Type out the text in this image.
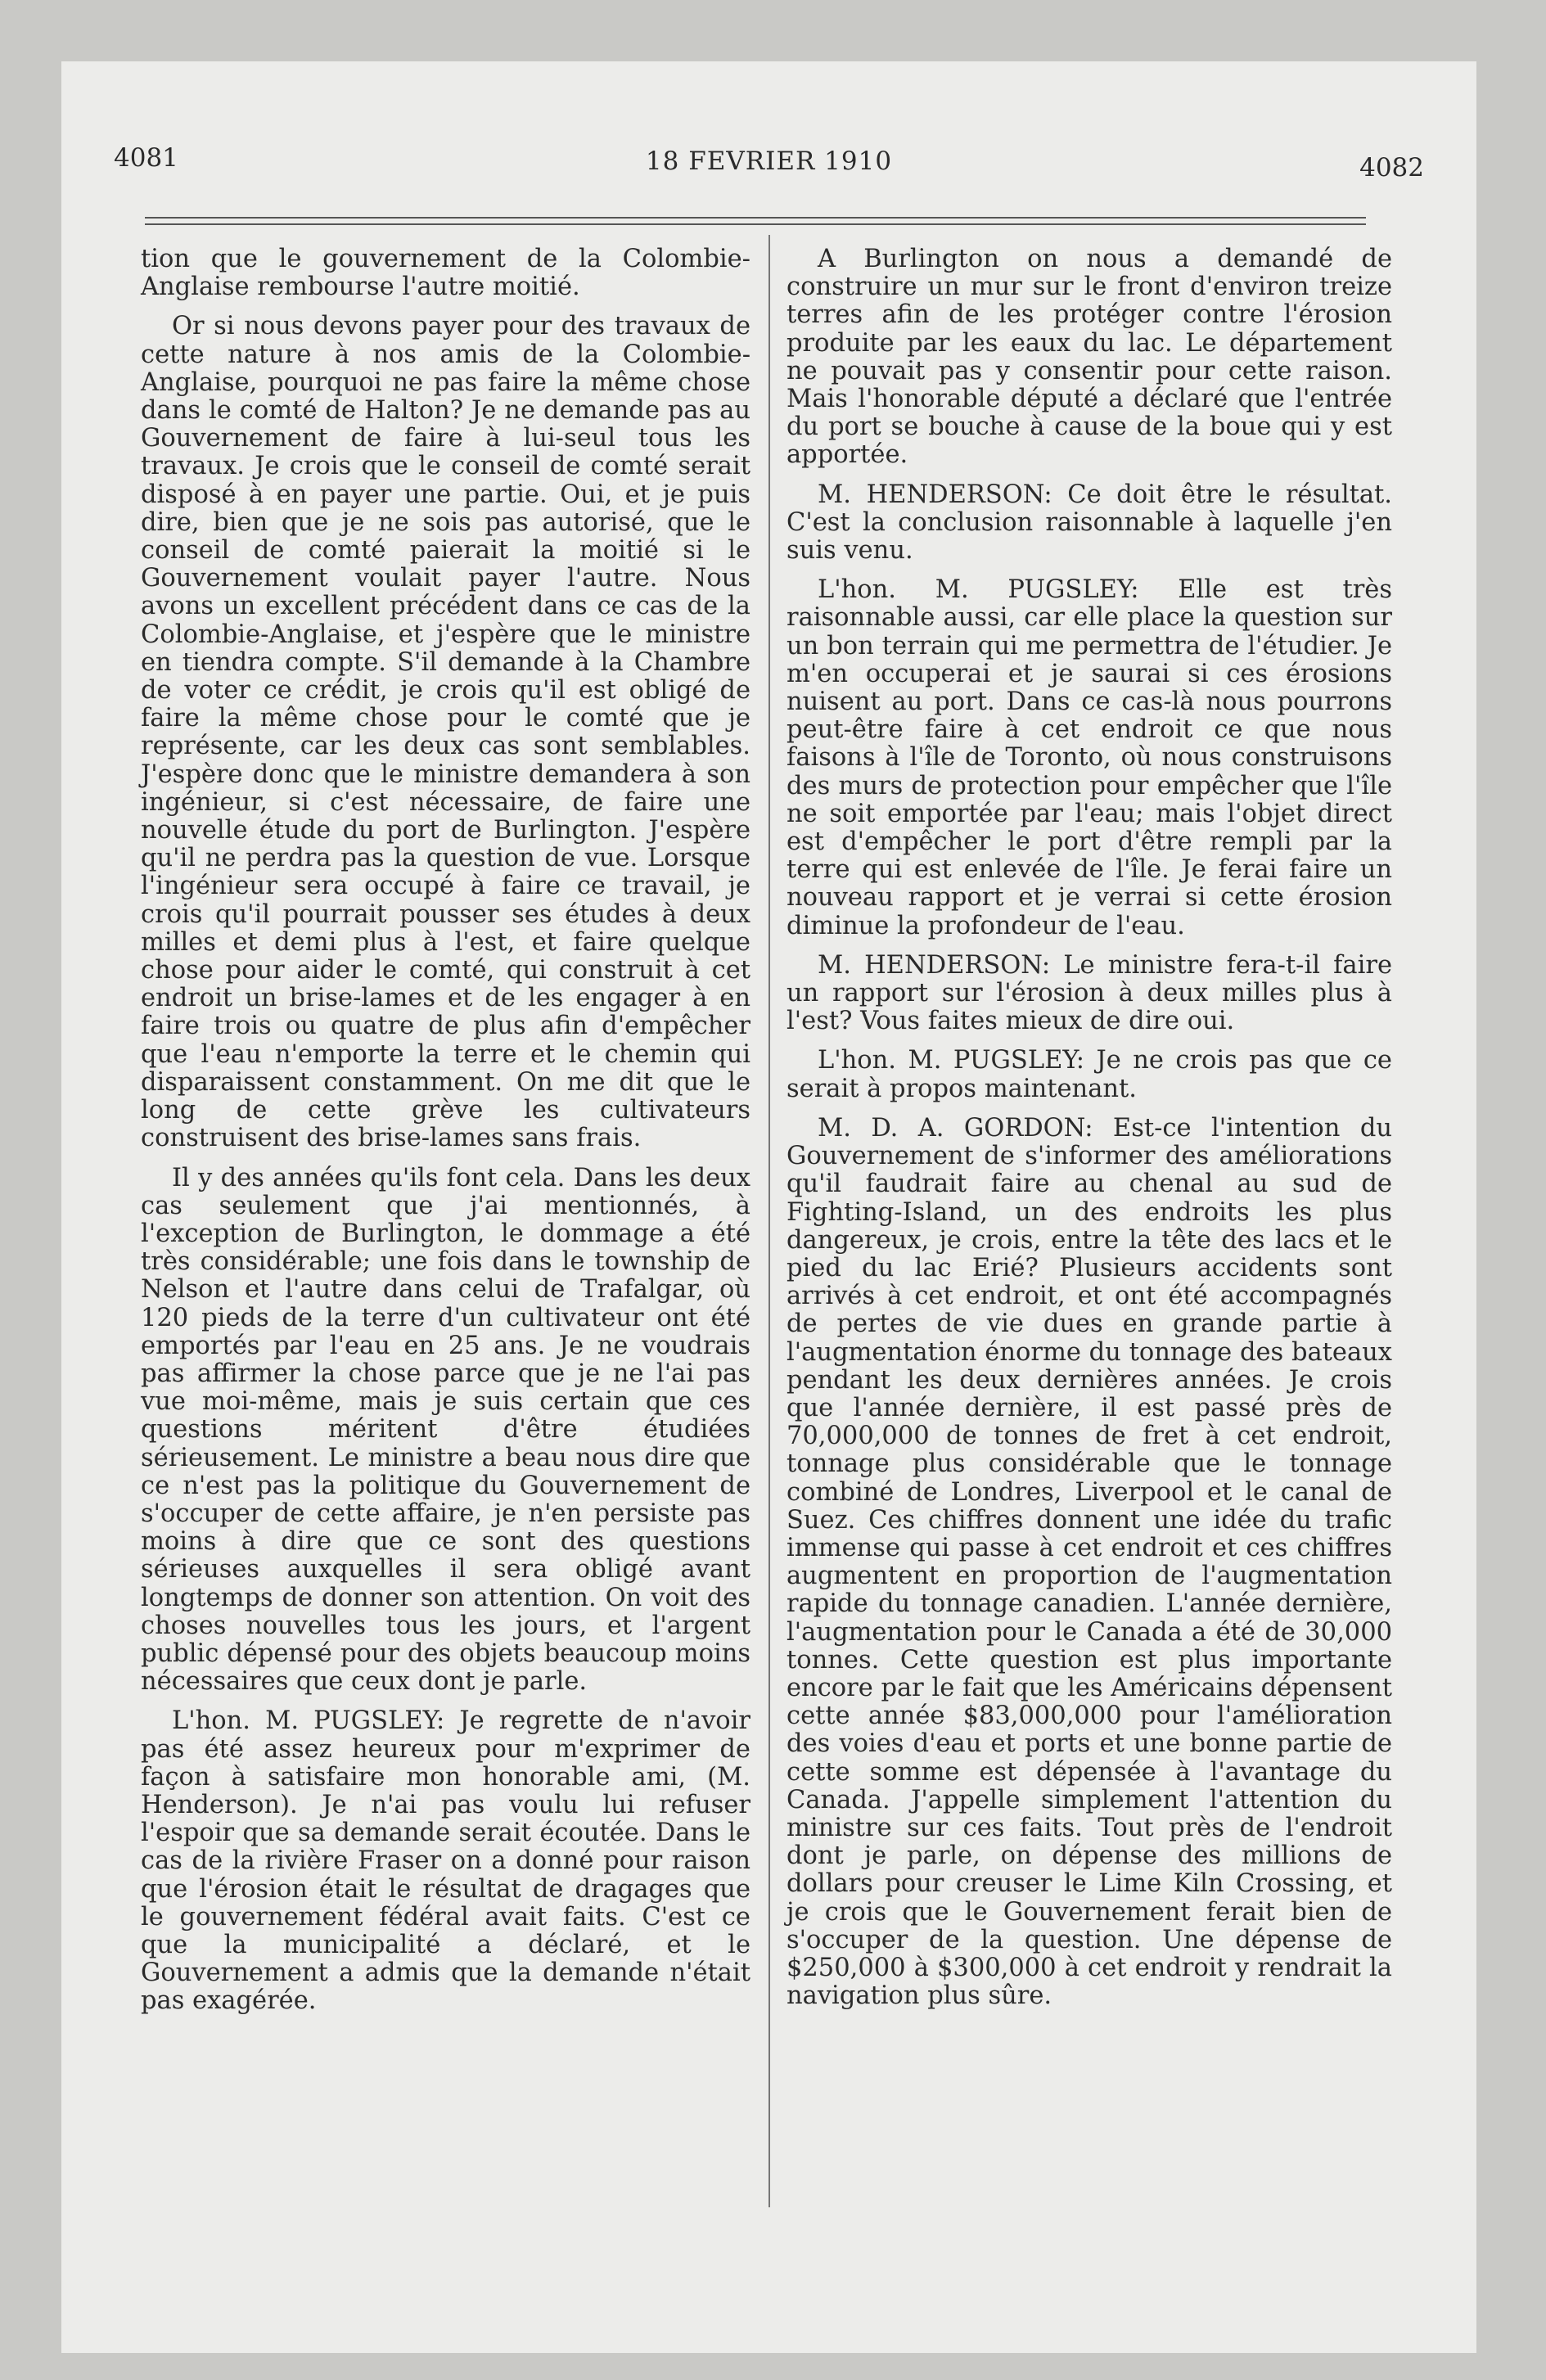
4081	18 FEVRIER 1910	4082

tion que le gouvernement de la Colombie-Anglaise rembourse l'autre moitié.

Or si nous devons payer pour des travaux de cette nature à nos amis de la Colombie-Anglaise, pourquoi ne pas faire la même chose dans le comté de Halton? Je ne demande pas au Gouvernement de faire à lui-seul tous les travaux. Je crois que le conseil de comté serait disposé à en payer une partie. Oui, et je puis dire, bien que je ne sois pas autorisé, que le conseil de comté paierait la moitié si le Gouvernement voulait payer l'autre. Nous avons un excellent précédent dans ce cas de la Colombie-Anglaise, et j'espère que le ministre en tiendra compte. S'il demande à la Chambre de voter ce crédit, je crois qu'il est obligé de faire la même chose pour le comté que je représente, car les deux cas sont semblables. J'espère donc que le ministre demandera à son ingénieur, si c'est nécessaire, de faire une nouvelle étude du port de Burlington. J'espère qu'il ne perdra pas la question de vue. Lorsque l'ingénieur sera occupé à faire ce travail, je crois qu'il pourrait pousser ses études à deux milles et demi plus à l'est, et faire quelque chose pour aider le comté, qui construit à cet endroit un brise-lames et de les engager à en faire trois ou quatre de plus afin d'empêcher que l'eau n'emporte la terre et le chemin qui disparaissent constamment. On me dit que le long de cette grève les cultivateurs construisent des brise-lames sans frais.

Il y des années qu'ils font cela. Dans les deux cas seulement que j'ai mentionnés, à l'exception de Burlington, le dommage a été très considérable; une fois dans le township de Nelson et l'autre dans celui de Trafalgar, où 120 pieds de la terre d'un cultivateur ont été emportés par l'eau en 25 ans. Je ne voudrais pas affirmer la chose parce que je ne l'ai pas vue moi-même, mais je suis certain que ces questions méritent d'être étudiées sérieusement. Le ministre a beau nous dire que ce n'est pas la politique du Gouvernement de s'occuper de cette affaire, je n'en persiste pas moins à dire que ce sont des questions sérieuses auxquelles il sera obligé avant longtemps de donner son attention. On voit des choses nouvelles tous les jours, et l'argent public dépensé pour des objets beaucoup moins nécessaires que ceux dont je parle.

L'hon. M. PUGSLEY: Je regrette de n'avoir pas été assez heureux pour m'exprimer de façon à satisfaire mon honorable ami, (M. Henderson). Je n'ai pas voulu lui refuser l'espoir que sa demande serait écoutée. Dans le cas de la rivière Fraser on a donné pour raison que l'érosion était le résultat de dragages que le gouvernement fédéral avait faits. C'est ce que la municipalité a déclaré, et le Gouvernement a admis que la demande n'était pas exagérée.

A Burlington on nous a demandé de construire un mur sur le front d'environ treize terres afin de les protéger contre l'érosion produite par les eaux du lac. Le département ne pouvait pas y consentir pour cette raison. Mais l'honorable député a déclaré que l'entrée du port se bouche à cause de la boue qui y est apportée.

M. HENDERSON: Ce doit être le résultat. C'est la conclusion raisonnable à laquelle j'en suis venu.

L'hon. M. PUGSLEY: Elle est très raisonnable aussi, car elle place la question sur un bon terrain qui me permettra de l'étudier. Je m'en occuperai et je saurai si ces érosions nuisent au port. Dans ce cas-là nous pourrons peut-être faire à cet endroit ce que nous faisons à l'île de Toronto, où nous construisons des murs de protection pour empêcher que l'île ne soit emportée par l'eau; mais l'objet direct est d'empêcher le port d'être rempli par la terre qui est enlevée de l'île. Je ferai faire un nouveau rapport et je verrai si cette érosion diminue la profondeur de l'eau.

M. HENDERSON: Le ministre fera-t-il faire un rapport sur l'érosion à deux milles plus à l'est? Vous faites mieux de dire oui.

L'hon. M. PUGSLEY: Je ne crois pas que ce serait à propos maintenant.

M. D. A. GORDON: Est-ce l'intention du Gouvernement de s'informer des améliorations qu'il faudrait faire au chenal au sud de Fighting-Island, un des endroits les plus dangereux, je crois, entre la tête des lacs et le pied du lac Erié? Plusieurs accidents sont arrivés à cet endroit, et ont été accompagnés de pertes de vie dues en grande partie à l'augmentation énorme du tonnage des bateaux pendant les deux dernières années. Je crois que l'année dernière, il est passé près de 70,000,000 de tonnes de fret à cet endroit, tonnage plus considérable que le tonnage combiné de Londres, Liverpool et le canal de Suez. Ces chiffres donnent une idée du trafic immense qui passe à cet endroit et ces chiffres augmentent en proportion de l'augmentation rapide du tonnage canadien. L'année dernière, l'augmentation pour le Canada a été de 30,000 tonnes. Cette question est plus importante encore par le fait que les Américains dépensent cette année $83,000,000 pour l'amélioration des voies d'eau et ports et une bonne partie de cette somme est dépensée à l'avantage du Canada. J'appelle simplement l'attention du ministre sur ces faits. Tout près de l'endroit dont je parle, on dépense des millions de dollars pour creuser le Lime Kiln Crossing, et je crois que le Gouvernement ferait bien de s'occuper de la question. Une dépense de $250,000 à $300,000 à cet endroit y rendrait la navigation plus sûre.
